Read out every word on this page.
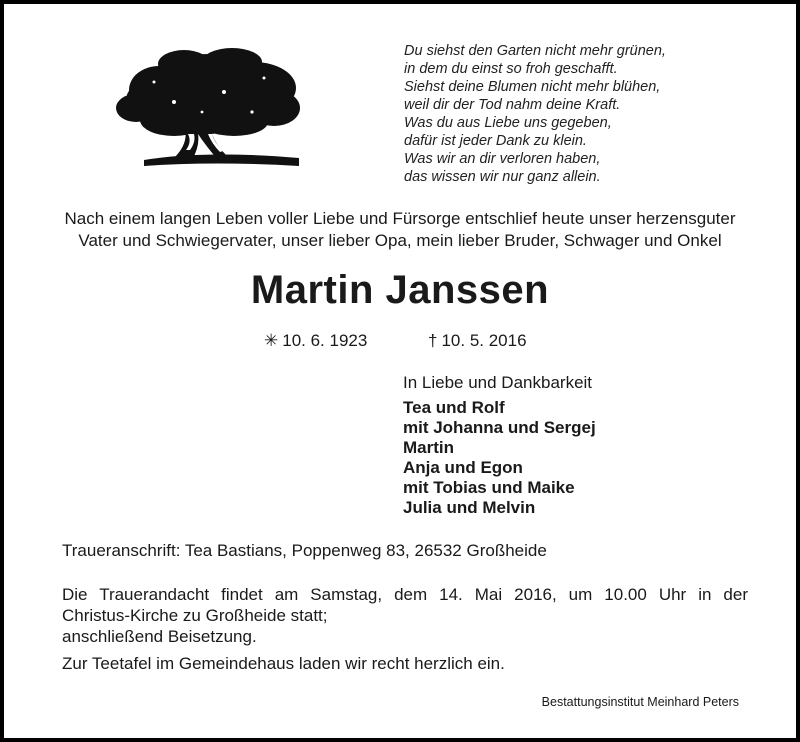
Du siehst den Garten nicht mehr grünen,
in dem du einst so froh geschafft.
Siehst deine Blumen nicht mehr blühen,
weil dir der Tod nahm deine Kraft.
Was du aus Liebe uns gegeben,
dafür ist jeder Dank zu klein.
Was wir an dir verloren haben,
das wissen wir nur ganz allein.
Nach einem langen Leben voller Liebe und Fürsorge entschlief heute unser herzensguter
Vater und Schwiegervater, unser lieber Opa, mein lieber Bruder, Schwager und Onkel
Martin Janssen
✳ 10. 6. 1923	† 10. 5. 2016
In Liebe und Dankbarkeit
Tea und Rolf
mit Johanna und Sergej
Martin
Anja und Egon
mit Tobias und Maike
Julia und Melvin
Traueranschrift: Tea Bastians, Poppenweg 83, 26532 Großheide
Die Trauerandacht findet am Samstag, dem 14. Mai 2016, um 10.00 Uhr in der
Christus-Kirche zu Großheide statt;
anschließend Beisetzung.
Zur Teetafel im Gemeindehaus laden wir recht herzlich ein.
Bestattungsinstitut Meinhard Peters
